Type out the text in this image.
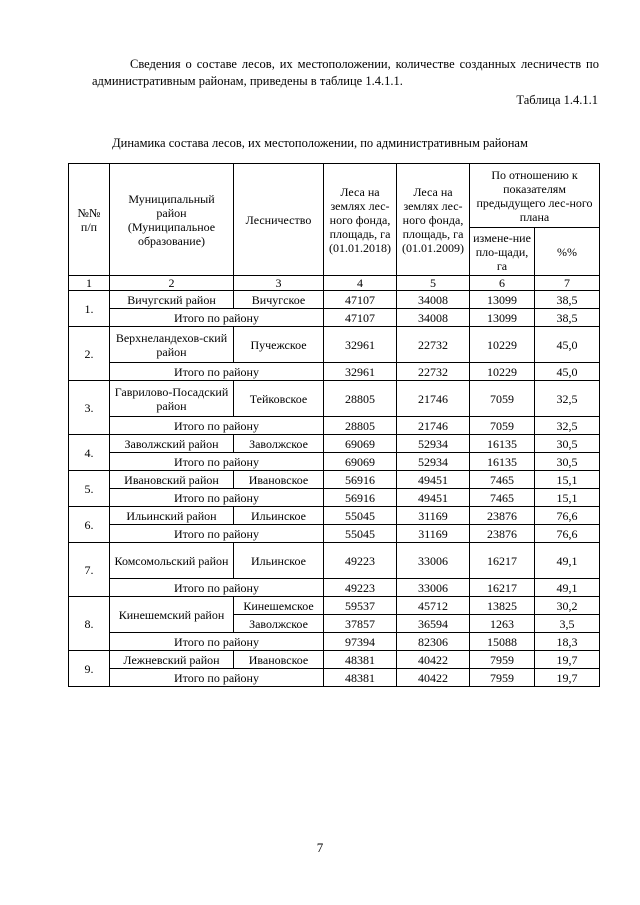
Сведения о составе лесов, их местоположении, количестве созданных лесничеств по административным районам, приведены в таблице 1.4.1.1.
Таблица 1.4.1.1
Динамика состава лесов, их местоположении, по административным районам
№№ п/п	Муниципальный район (Муниципальное образование)	Лесничество	Леса на землях лес-ного фонда, площадь, га (01.01.2018)	Леса на землях лес-ного фонда, площадь, га (01.01.2009)	По отношению к показателям предыдущего лес-ного плана	
					измене-ние пло-щади, га	%%
1	2	3	4	5	6	7
1.	Вичугский район	Вичугское	47107	34008	13099	38,5
	Итого по району		47107	34008	13099	38,5
2.	Верхнеландехов-ский район	Пучежское	32961	22732	10229	45,0
	Итого по району		32961	22732	10229	45,0
3.	Гаврилово-Посадский район	Тейковское	28805	21746	7059	32,5
	Итого по району		28805	21746	7059	32,5
4.	Заволжский район	Заволжское	69069	52934	16135	30,5
	Итого по району		69069	52934	16135	30,5
5.	Ивановский район	Ивановское	56916	49451	7465	15,1
	Итого по району		56916	49451	7465	15,1
6.	Ильинский район	Ильинское	55045	31169	23876	76,6
	Итого по району		55045	31169	23876	76,6
7.	Комсомольский район	Ильинское	49223	33006	16217	49,1
	Итого по району		49223	33006	16217	49,1
8.	Кинешемский район	Кинешемское	59537	45712	13825	30,2
		Заволжское	37857	36594	1263	3,5
	Итого по району		97394	82306	15088	18,3
9.	Лежневский район	Ивановское	48381	40422	7959	19,7
	Итого по району		48381	40422	7959	19,7
7
